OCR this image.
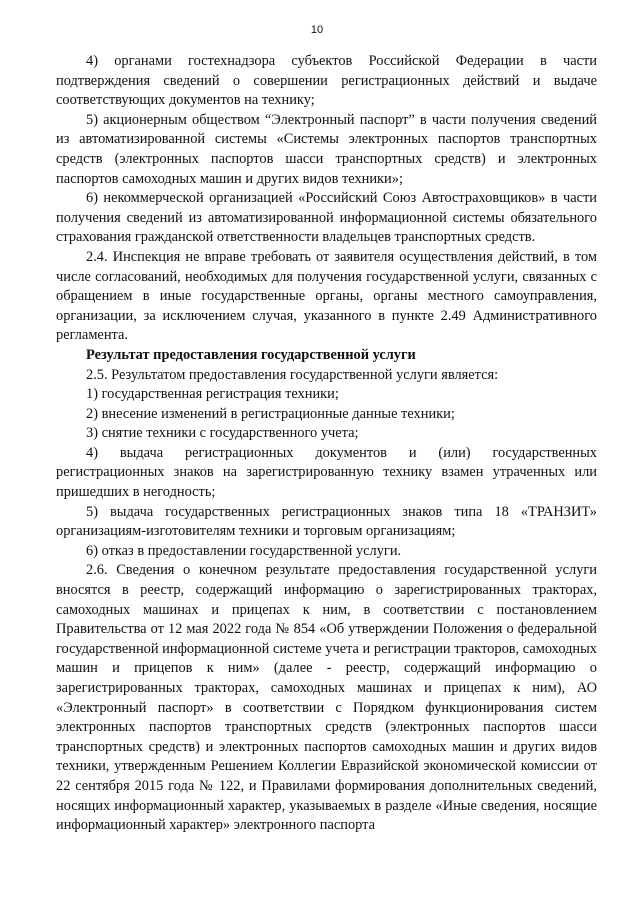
10

4) органами гостехнадзора субъектов Российской Федерации в части подтверждения сведений о совершении регистрационных действий и выдаче соответствующих документов на технику;

5) акционерным обществом “Электронный паспорт” в части получения сведений из автоматизированной системы «Системы электронных паспортов транспортных средств (электронных паспортов шасси транспортных средств) и электронных паспортов самоходных машин и других видов техники»;

6) некоммерческой организацией «Российский Союз Автостраховщиков» в части получения сведений из автоматизированной информационной системы обязательного страхования гражданской ответственности владельцев транспортных средств.

2.4. Инспекция не вправе требовать от заявителя осуществления действий, в том числе согласований, необходимых для получения государственной услуги, связанных с обращением в иные государственные органы, органы местного самоуправления, организации, за исключением случая, указанного в пункте 2.49 Административного регламента.

Результат предоставления государственной услуги

2.5. Результатом предоставления государственной услуги является:

1) государственная регистрация техники;

2) внесение изменений в регистрационные данные техники;

3) снятие техники с государственного учета;

4) выдача регистрационных документов и (или) государственных регистрационных знаков на зарегистрированную технику взамен утраченных или пришедших в негодность;

5) выдача государственных регистрационных знаков типа 18 «ТРАНЗИТ» организациям-изготовителям техники и торговым организациям;

6) отказ в предоставлении государственной услуги.

2.6. Сведения о конечном результате предоставления государственной услуги вносятся в реестр, содержащий информацию о зарегистрированных тракторах, самоходных машинах и прицепах к ним, в соответствии с постановлением Правительства от 12 мая 2022 года № 854 «Об утверждении Положения о федеральной государственной информационной системе учета и регистрации тракторов, самоходных машин и прицепов к ним» (далее - реестр, содержащий информацию о зарегистрированных тракторах, самоходных машинах и прицепах к ним), АО «Электронный паспорт» в соответствии с Порядком функционирования систем электронных паспортов транспортных средств (электронных паспортов шасси транспортных средств) и электронных паспортов самоходных машин и других видов техники, утвержденным Решением Коллегии Евразийской экономической комиссии от 22 сентября 2015 года № 122, и Правилами формирования дополнительных сведений, носящих информационный характер, указываемых в разделе «Иные сведения, носящие информационный характер» электронного паспорта
